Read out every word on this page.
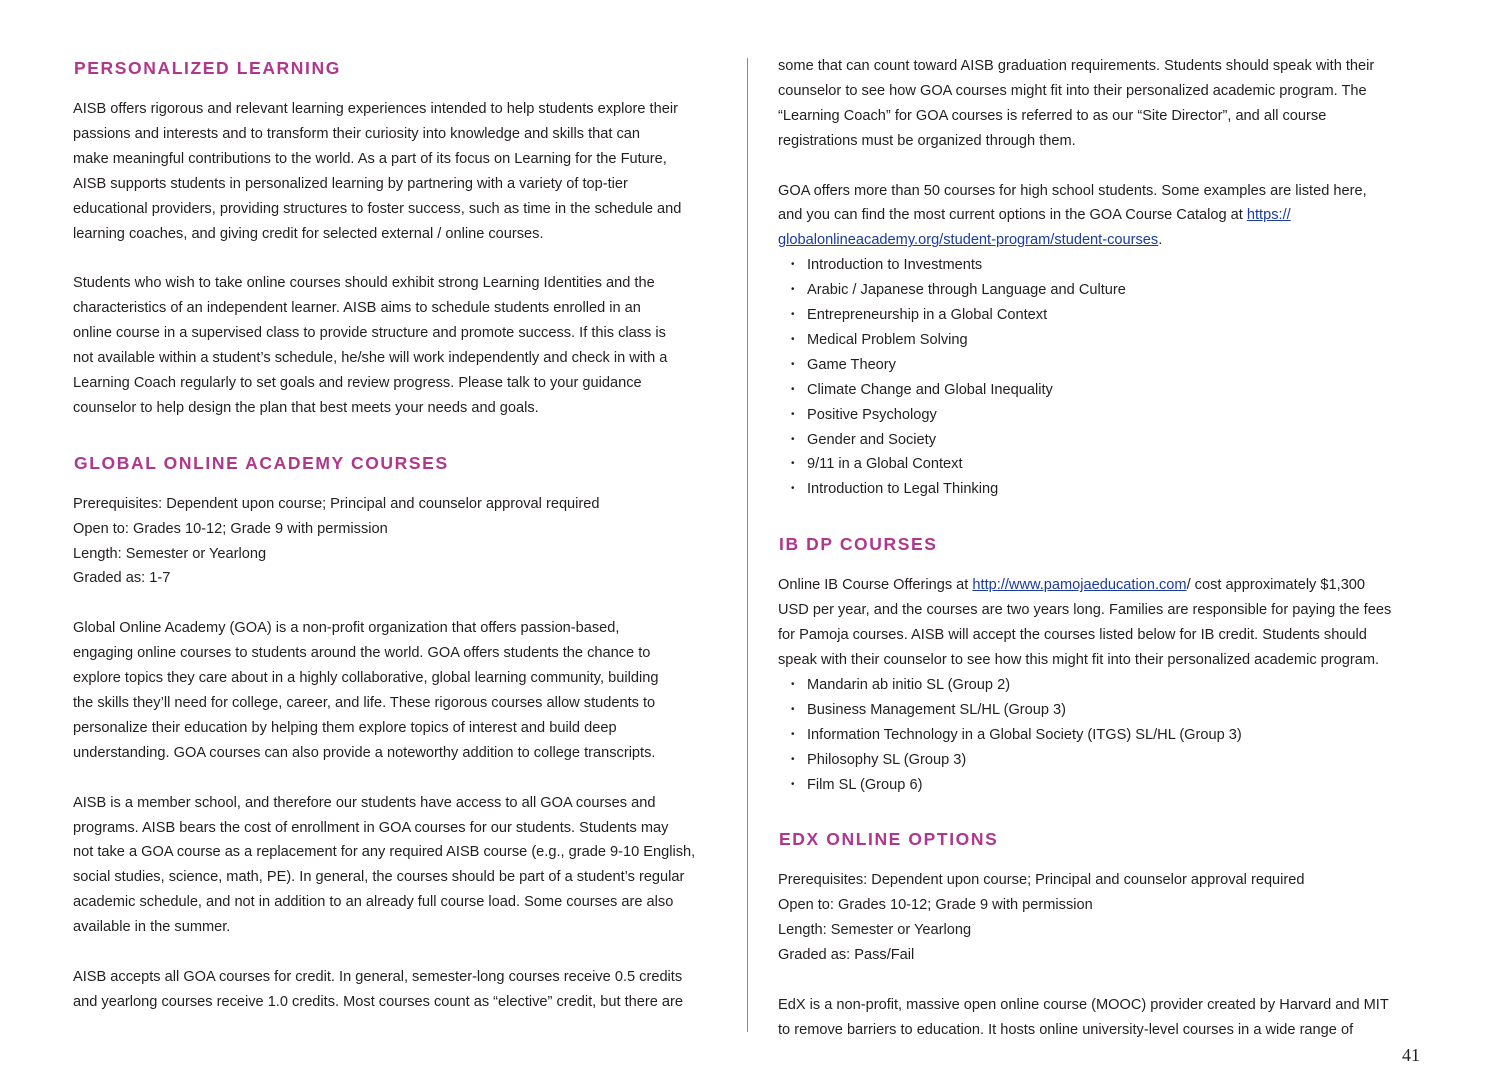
PERSONALIZED LEARNING

AISB offers rigorous and relevant learning experiences intended to help students explore their
passions and interests and to transform their curiosity into knowledge and skills that can
make meaningful contributions to the world. As a part of its focus on Learning for the Future,
AISB supports students in personalized learning by partnering with a variety of top-tier
educational providers, providing structures to foster success, such as time in the schedule and
learning coaches, and giving credit for selected external / online courses.

Students who wish to take online courses should exhibit strong Learning Identities and the
characteristics of an independent learner. AISB aims to schedule students enrolled in an
online course in a supervised class to provide structure and promote success. If this class is
not available within a student’s schedule, he/she will work independently and check in with a
Learning Coach regularly to set goals and review progress. Please talk to your guidance
counselor to help design the plan that best meets your needs and goals.

GLOBAL ONLINE ACADEMY COURSES

Prerequisites: Dependent upon course; Principal and counselor approval required
Open to: Grades 10-12; Grade 9 with permission
Length: Semester or Yearlong
Graded as: 1-7

Global Online Academy (GOA) is a non-profit organization that offers passion-based,
engaging online courses to students around the world. GOA offers students the chance to
explore topics they care about in a highly collaborative, global learning community, building
the skills they’ll need for college, career, and life. These rigorous courses allow students to
personalize their education by helping them explore topics of interest and build deep
understanding. GOA courses can also provide a noteworthy addition to college transcripts.

AISB is a member school, and therefore our students have access to all GOA courses and
programs. AISB bears the cost of enrollment in GOA courses for our students. Students may
not take a GOA course as a replacement for any required AISB course (e.g., grade 9-10 English,
social studies, science, math, PE). In general, the courses should be part of a student’s regular
academic schedule, and not in addition to an already full course load. Some courses are also
available in the summer.

AISB accepts all GOA courses for credit. In general, semester-long courses receive 0.5 credits
and yearlong courses receive 1.0 credits. Most courses count as “elective” credit, but there are

some that can count toward AISB graduation requirements. Students should speak with their
counselor to see how GOA courses might fit into their personalized academic program. The
“Learning Coach” for GOA courses is referred to as our “Site Director”, and all course
registrations must be organized through them.

GOA offers more than 50 courses for high school students. Some examples are listed here,
and you can find the most current options in the GOA Course Catalog at https://
globalonlineacademy.org/student-program/student-courses.

• Introduction to Investments
• Arabic / Japanese through Language and Culture
• Entrepreneurship in a Global Context
• Medical Problem Solving
• Game Theory
• Climate Change and Global Inequality
• Positive Psychology
• Gender and Society
• 9/11 in a Global Context
• Introduction to Legal Thinking
IB DP COURSES

Online IB Course Offerings at http://www.pamojaeducation.com/ cost approximately $1,300
USD per year, and the courses are two years long. Families are responsible for paying the fees
for Pamoja courses. AISB will accept the courses listed below for IB credit. Students should
speak with their counselor to see how this might fit into their personalized academic program.

• Mandarin ab initio SL (Group 2)
• Business Management SL/HL (Group 3)
• Information Technology in a Global Society (ITGS) SL/HL (Group 3)
• Philosophy SL (Group 3)
• Film SL (Group 6)
EDX ONLINE OPTIONS

Prerequisites: Dependent upon course; Principal and counselor approval required
Open to: Grades 10-12; Grade 9 with permission
Length: Semester or Yearlong
Graded as: Pass/Fail

EdX is a non-profit, massive open online course (MOOC) provider created by Harvard and MIT
to remove barriers to education. It hosts online university-level courses in a wide range of

41
